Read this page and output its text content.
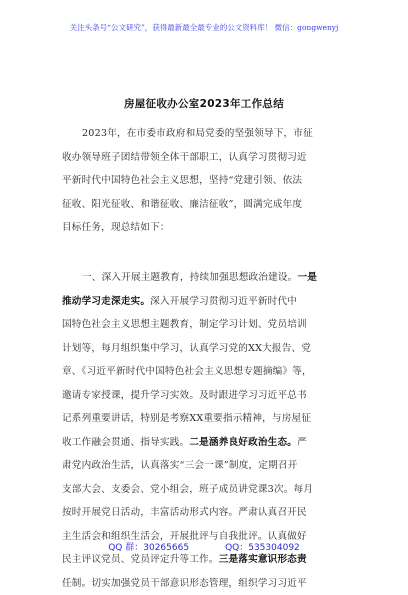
关注头条号“公文研究”，获得最新最全最专业的公文资料库！ 微信：gongwenyj
房屋征收办公室2023年工作总结
2023年，在市委市政府和局党委的坚强领导下，市征
收办领导班子团结带领全体干部职工，认真学习贯彻习近
平新时代中国特色社会主义思想，坚持“党建引领、依法
征收、阳光征收、和谐征收、廉洁征收”，圆满完成年度
目标任务，现总结如下：
一、深入开展主题教育，持续加强思想政治建设。一是
推动学习走深走实。深入开展学习贯彻习近平新时代中
国特色社会主义思想主题教育，制定学习计划、党员培训
计划等，每月组织集中学习，认真学习党的XX大报告、党
章、《习近平新时代中国特色社会主义思想专题摘编》等，
邀请专家授课，提升学习实效。及时跟进学习习近平总书
记系列重要讲话，特别是考察XX重要指示精神，与房屋征
收工作融会贯通、指导实践。二是涵养良好政治生态。严
肃党内政治生活，认真落实“三会一课”制度，定期召开
支部大会、支委会、党小组会，班子成员讲党课3次。每月
按时开展党日活动，丰富活动形式内容。严肃认真召开民
主生活会和组织生活会，开展批评与自我批评。认真做好
民主评议党员、党员评定升等工作。三是落实意识形态责
任制。切实加强党员干部意识形态管理，组织学习习近平
QQ 群：30265665	QQ：535304092
